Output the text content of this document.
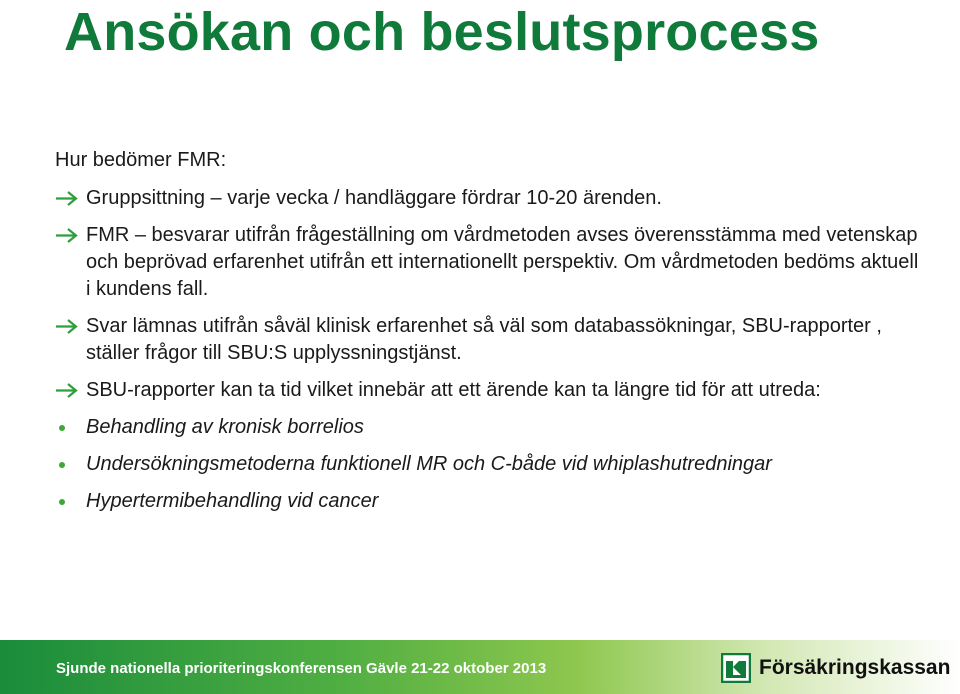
Ansökan och beslutsprocess
Hur bedömer FMR:
Gruppsittning – varje vecka / handläggare fördrar 10-20 ärenden.
FMR – besvarar utifrån frågeställning om vårdmetoden avses överensstämma med vetenskap och beprövad erfarenhet utifrån ett internationellt perspektiv. Om vårdmetoden bedöms aktuell i kundens fall.
Svar lämnas utifrån såväl klinisk erfarenhet så väl som databassökningar, SBU-rapporter , ställer frågor till SBU:S upplyssningstjänst.
SBU-rapporter kan ta tid vilket innebär att ett ärende kan ta längre tid för att utreda:
Behandling av kronisk borrelios
Undersökningsmetoderna funktionell MR och C-både vid whiplashutredningar
Hypertermibehandling vid cancer
Sjunde nationella prioriteringskonferensen Gävle 21-22 oktober 2013	Försäkringskassan
